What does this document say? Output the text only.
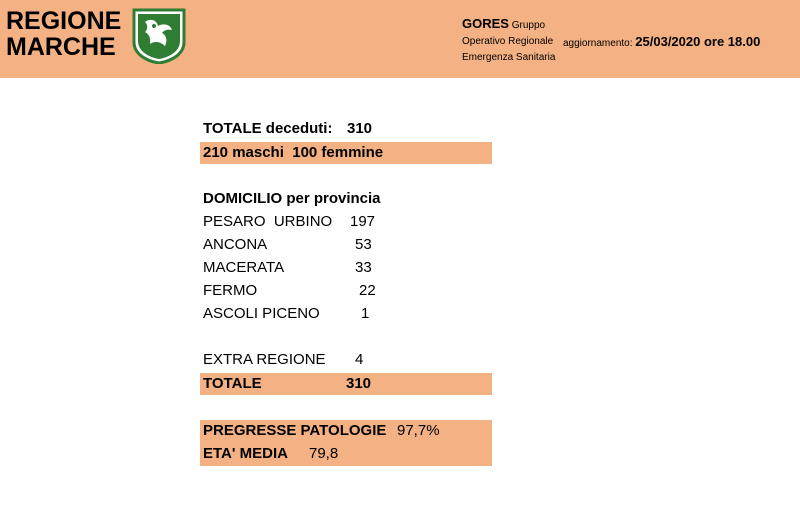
REGIONE
MARCHE
GORES Gruppo
Operativo Regionale
Emergenza Sanitaria
aggiornamento: 25/03/2020 ore 18.00
TOTALE deceduti: 310
210 maschi  100 femmine
DOMICILIO per provincia
PESARO  URBINO 197
ANCONA	53
MACERATA	33
FERMO	22
ASCOLI PICENO	1
EXTRA REGIONE 4
TOTALE	310
PREGRESSE PATOLOGIE 97,7%
ETA' MEDIA 79,8
